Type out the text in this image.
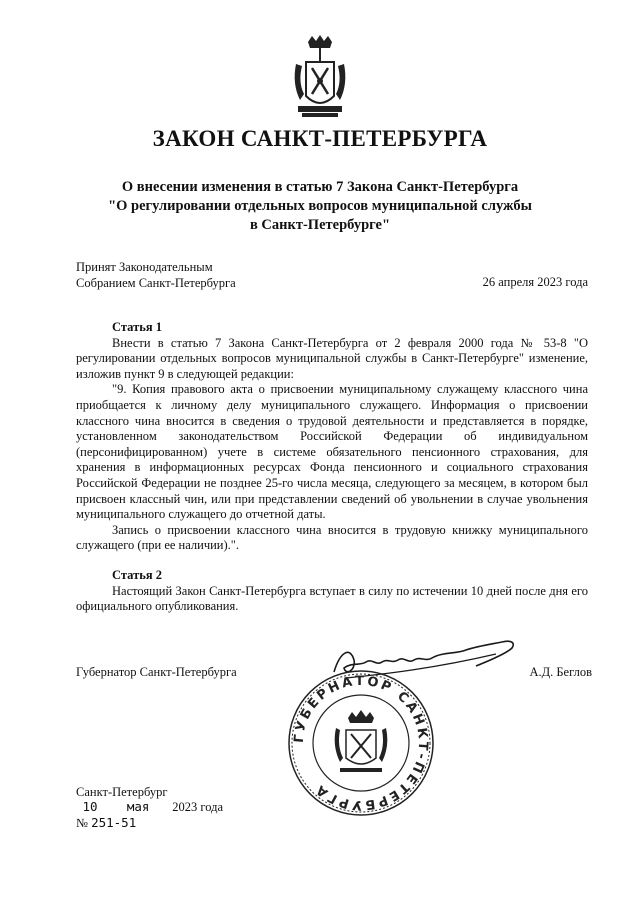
ЗАКОН САНКТ-ПЕТЕРБУРГА
О внесении изменения в статью 7 Закона Санкт-Петербурга
"О регулировании отдельных вопросов муниципальной службы
в Санкт-Петербурге"
Принят Законодательным
Собранием Санкт-Петербурга	26 апреля 2023 года

Статья 1

Внести в статью 7 Закона Санкт-Петербурга от 2 февраля 2000 года № 53-8 "О регулировании отдельных вопросов муниципальной службы в Санкт-Петербурге" изменение, изложив пункт 9 в следующей редакции:

"9. Копия правового акта о присвоении муниципальному служащему классного чина приобщается к личному делу муниципального служащего. Информация о присвоении классного чина вносится в сведения о трудовой деятельности и представляется в порядке, установленном законодательством Российской Федерации об индивидуальном (персонифицированном) учете в системе обязательного пенсионного страхования, для хранения в информационных ресурсах Фонда пенсионного и социального страхования Российской Федерации не позднее 25-го числа месяца, следующего за месяцем, в котором был присвоен классный чин, или при представлении сведений об увольнении в случае увольнения муниципального служащего до отчетной даты.

Запись о присвоении классного чина вносится в трудовую книжку муниципального служащего (при ее наличии).".

Статья 2

Настоящий Закон Санкт-Петербурга вступает в силу по истечении 10 дней после дня его официального опубликования.

Губернатор Санкт-Петербурга	А.Д. Беглов
ГУБЕРНАТОР САНКТ-ПЕТЕРБУРГА
Санкт-Петербург
10 мая 2023 года
№ 251-51
